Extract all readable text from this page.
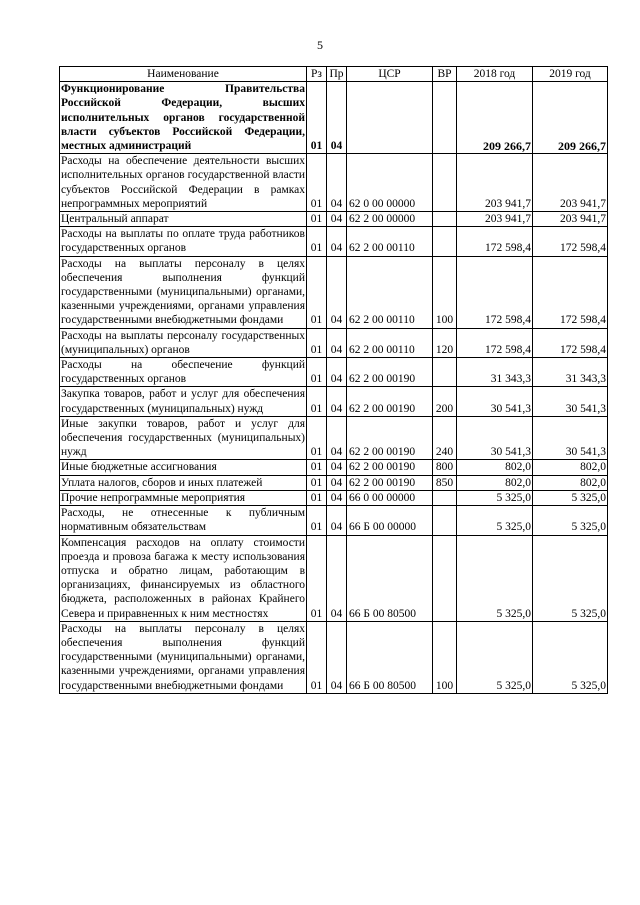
5
Наименование	Рз	Пр	ЦСР	ВР	2018 год	2019 год
Функционирование Правительства Российской Федерации, высших исполнительных органов государственной власти субъектов Российской Федерации, местных администраций	01	04			209 266,7	209 266,7
Расходы на обеспечение деятельности высших исполнительных органов государственной власти субъектов Российской Федерации в рамках непрограммных мероприятий	01	04	62 0 00 00000		203 941,7	203 941,7
Центральный аппарат	01	04	62 2 00 00000		203 941,7	203 941,7
Расходы на выплаты по оплате труда работников государственных органов	01	04	62 2 00 00110		172 598,4	172 598,4
Расходы на выплаты персоналу в целях обеспечения выполнения функций государственными (муниципальными) органами, казенными учреждениями, органами управления государственными внебюджетными фондами	01	04	62 2 00 00110	100	172 598,4	172 598,4
Расходы на выплаты персоналу государственных (муниципальных) органов	01	04	62 2 00 00110	120	172 598,4	172 598,4
Расходы на обеспечение функций государственных органов	01	04	62 2 00 00190		31 343,3	31 343,3
Закупка товаров, работ и услуг для обеспечения государственных (муниципальных) нужд	01	04	62 2 00 00190	200	30 541,3	30 541,3
Иные закупки товаров, работ и услуг для обеспечения государственных (муниципальных) нужд	01	04	62 2 00 00190	240	30 541,3	30 541,3
Иные бюджетные ассигнования	01	04	62 2 00 00190	800	802,0	802,0
Уплата налогов, сборов и иных платежей	01	04	62 2 00 00190	850	802,0	802,0
Прочие непрограммные мероприятия	01	04	66 0 00 00000		5 325,0	5 325,0
Расходы, не отнесенные к публичным нормативным обязательствам	01	04	66 Б 00 00000		5 325,0	5 325,0
Компенсация расходов на оплату стоимости проезда и провоза багажа к месту использования отпуска и обратно лицам, работающим в организациях, финансируемых из областного бюджета, расположенных в районах Крайнего Севера и приравненных к ним местностях	01	04	66 Б 00 80500		5 325,0	5 325,0
Расходы на выплаты персоналу в целях обеспечения выполнения функций государственными (муниципальными) органами, казенными учреждениями, органами управления государственными внебюджетными фондами	01	04	66 Б 00 80500	100	5 325,0	5 325,0
